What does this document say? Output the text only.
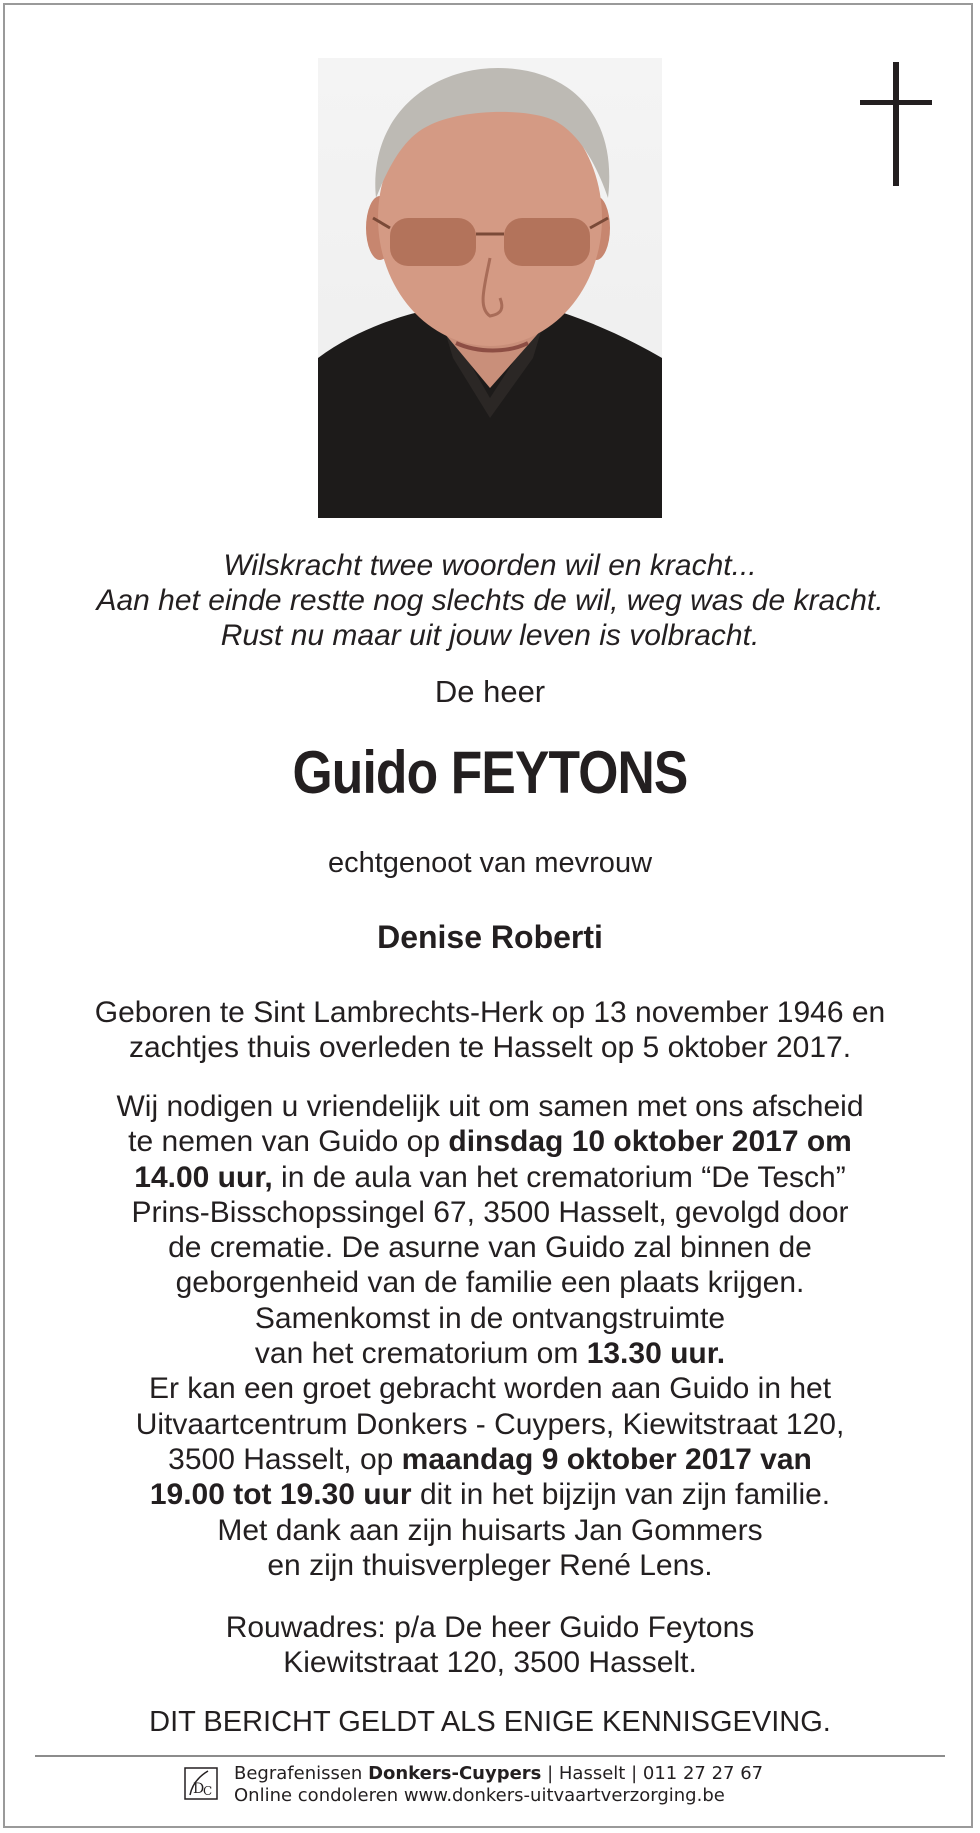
Wilskracht twee woorden wil en kracht...
Aan het einde restte nog slechts de wil, weg was de kracht.
Rust nu maar uit jouw leven is volbracht.
De heer
Guido FEYTONS
echtgenoot van mevrouw
Denise Roberti
Geboren te Sint Lambrechts-Herk op 13 november 1946 en
zachtjes thuis overleden te Hasselt op 5 oktober 2017.
Wij nodigen u vriendelijk uit om samen met ons afscheid
te nemen van Guido op dinsdag 10 oktober 2017 om
14.00 uur, in de aula van het crematorium “De Tesch”
Prins-Bisschopssingel 67, 3500 Hasselt, gevolgd door
de crematie. De asurne van Guido zal binnen de
geborgenheid van de familie een plaats krijgen.
Samenkomst in de ontvangstruimte
van het crematorium om 13.30 uur.
Er kan een groet gebracht worden aan Guido in het
Uitvaartcentrum Donkers - Cuypers, Kiewitstraat 120,
3500 Hasselt, op maandag 9 oktober 2017 van
19.00 tot 19.30 uur dit in het bijzijn van zijn familie.
Met dank aan zijn huisarts Jan Gommers
en zijn thuisverpleger René Lens.
Rouwadres: p/a De heer Guido Feytons
Kiewitstraat 120, 3500 Hasselt.
DIT BERICHT GELDT ALS ENIGE KENNISGEVING.
D
C
Begrafenissen Donkers-Cuypers | Hasselt | 011 27 27 67
Online condoleren www.donkers-uitvaartverzorging.be
